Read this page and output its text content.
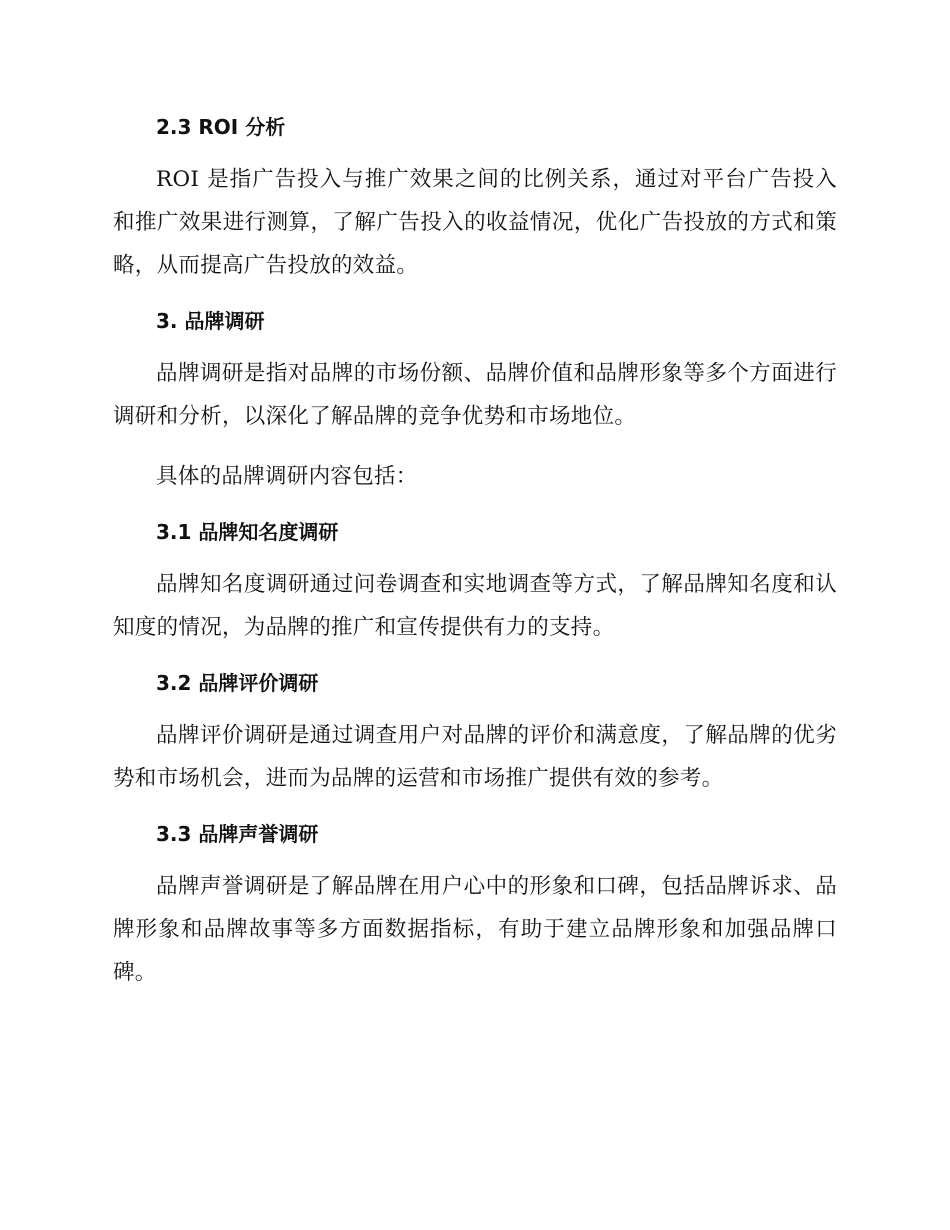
2.3 ROI 分析

ROI 是指广告投入与推广效果之间的比例关系，通过对平台广告投入和推广效果进行测算，了解广告投入的收益情况，优化广告投放的方式和策略，从而提高广告投放的效益。

3. 品牌调研

品牌调研是指对品牌的市场份额、品牌价值和品牌形象等多个方面进行调研和分析，以深化了解品牌的竞争优势和市场地位。

具体的品牌调研内容包括：

3.1 品牌知名度调研

品牌知名度调研通过问卷调查和实地调查等方式，了解品牌知名度和认知度的情况，为品牌的推广和宣传提供有力的支持。

3.2 品牌评价调研

品牌评价调研是通过调查用户对品牌的评价和满意度，了解品牌的优劣势和市场机会，进而为品牌的运营和市场推广提供有效的参考。

3.3 品牌声誉调研

品牌声誉调研是了解品牌在用户心中的形象和口碑，包括品牌诉求、品牌形象和品牌故事等多方面数据指标，有助于建立品牌形象和加强品牌口碑。
